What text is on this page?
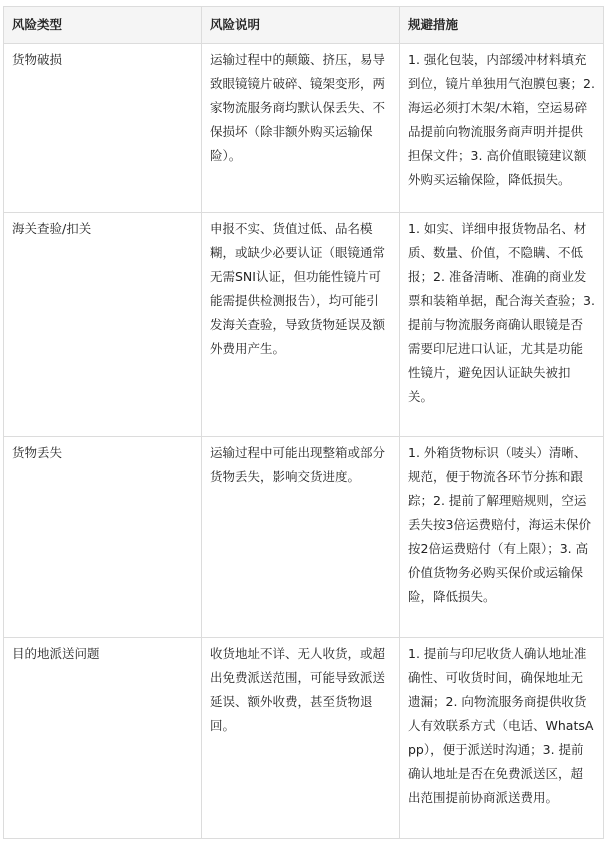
风险类型	风险说明	规避措施
货物破损	运输过程中的颠簸、挤压，易导致眼镜镜片破碎、镜架变形，两家物流服务商均默认保丢失、不保损坏（除非额外购买运输保险）。	1. 强化包装，内部缓冲材料填充到位，镜片单独用气泡膜包裹；2. 海运必须打木架/木箱，空运易碎品提前向物流服务商声明并提供担保文件；3. 高价值眼镜建议额外购买运输保险，降低损失。
海关查验/扣关	申报不实、货值过低、品名模糊，或缺少必要认证（眼镜通常无需SNI认证，但功能性镜片可能需提供检测报告），均可能引发海关查验，导致货物延误及额外费用产生。	1. 如实、详细申报货物品名、材质、数量、价值，不隐瞒、不低报；2. 准备清晰、准确的商业发票和装箱单据，配合海关查验；3. 提前与物流服务商确认眼镜是否需要印尼进口认证，尤其是功能性镜片，避免因认证缺失被扣关。
货物丢失	运输过程中可能出现整箱或部分货物丢失，影响交货进度。	1. 外箱货物标识（唛头）清晰、规范，便于物流各环节分拣和跟踪；2. 提前了解理赔规则，空运丢失按3倍运费赔付，海运未保价按2倍运费赔付（有上限）；3. 高价值货物务必购买保价或运输保险，降低损失。
目的地派送问题	收货地址不详、无人收货，或超出免费派送范围，可能导致派送延误、额外收费，甚至货物退回。	1. 提前与印尼收货人确认地址准确性、可收货时间，确保地址无遗漏；2. 向物流服务商提供收货人有效联系方式（电话、WhatsApp），便于派送时沟通；3. 提前确认地址是否在免费派送区，超出范围提前协商派送费用。
